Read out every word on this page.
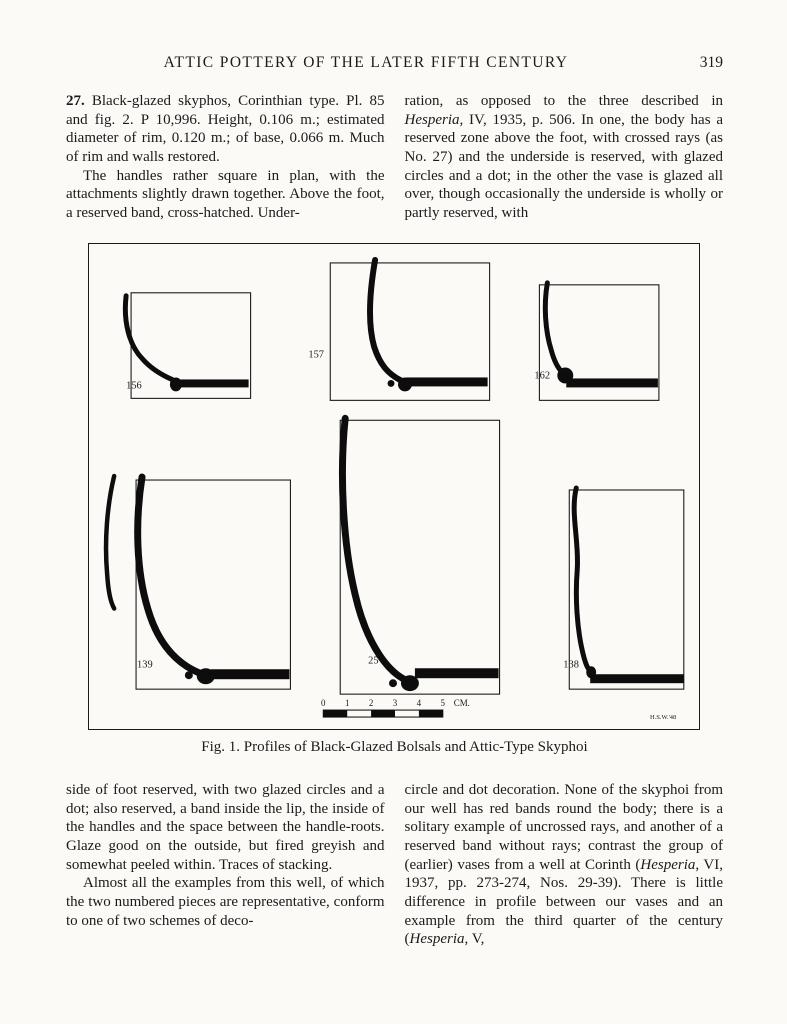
ATTIC POTTERY OF THE LATER FIFTH CENTURY	319

27. Black-glazed skyphos, Corinthian type. Pl. 85 and fig. 2. P 10,996. Height, 0.106 m.; estimated diameter of rim, 0.120 m.; of base, 0.066 m. Much of rim and walls restored.

The handles rather square in plan, with the attachments slightly drawn together. Above the foot, a reserved band, cross-hatched. Under-

ration, as opposed to the three described in Hesperia, IV, 1935, p. 506. In one, the body has a reserved zone above the foot, with crossed rays (as No. 27) and the underside is reserved, with glazed circles and a dot; in the other the vase is glazed all over, though occasionally the underside is wholly or partly reserved, with

156
157
162
139	25	138
0 1 2 3 4 5 CM.
H.S.W.'48
Fig. 1. Profiles of Black-Glazed Bolsals and Attic-Type Skyphoi

side of foot reserved, with two glazed circles and a dot; also reserved, a band inside the lip, the inside of the handles and the space between the handle-roots. Glaze good on the outside, but fired greyish and somewhat peeled within. Traces of stacking.

Almost all the examples from this well, of which the two numbered pieces are representative, conform to one of two schemes of deco-

circle and dot decoration. None of the skyphoi from our well has red bands round the body; there is a solitary example of uncrossed rays, and another of a reserved band without rays; contrast the group of (earlier) vases from a well at Corinth (Hesperia, VI, 1937, pp. 273-274, Nos. 29-39). There is little difference in profile between our vases and an example from the third quarter of the century (Hesperia, V,
